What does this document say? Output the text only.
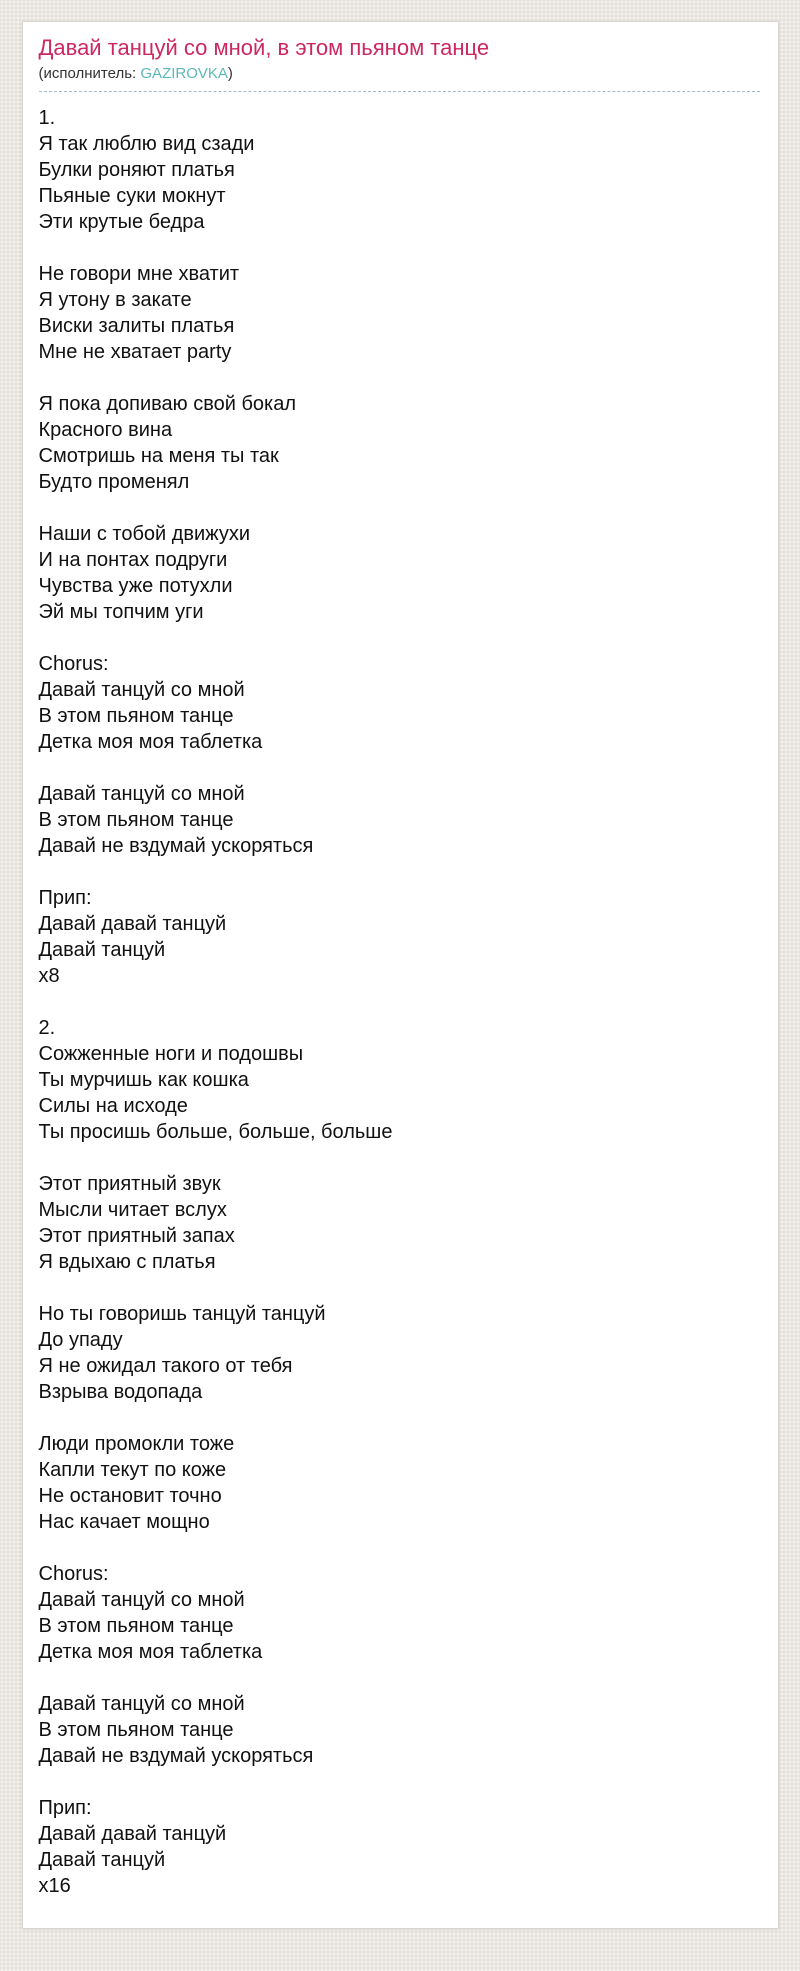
Давай танцуй со мной, в этом пьяном танце
(исполнитель: GAZIROVKA)
1.
Я так люблю вид сзади
Булки роняют платья
Пьяные суки мокнут
Эти крутые бедра

Не говори мне хватит
Я утону в закате
Виски залиты платья
Мне не хватает party

Я пока допиваю свой бокал
Красного вина
Смотришь на меня ты так
Будто променял

Наши с тобой движухи
И на понтах подруги
Чувства уже потухли
Эй мы топчим уги

Chorus:
Давай танцуй со мной
В этом пьяном танце
Детка моя моя таблетка

Давай танцуй со мной
В этом пьяном танце
Давай не вздумай ускоряться

Прип:
Давай давай танцуй
Давай танцуй
х8

2.
Сожженные ноги и подошвы
Ты мурчишь как кошка
Силы на исходе
Ты просишь больше, больше, больше

Этот приятный звук
Мысли читает вслух
Этот приятный запах
Я вдыхаю с платья

Но ты говоришь танцуй танцуй
До упаду
Я не ожидал такого от тебя
Взрыва водопада

Люди промокли тоже
Капли текут по коже
Не остановит точно
Нас качает мощно

Chorus:
Давай танцуй со мной
В этом пьяном танце
Детка моя моя таблетка

Давай танцуй со мной
В этом пьяном танце
Давай не вздумай ускоряться

Прип:
Давай давай танцуй
Давай танцуй
х16
